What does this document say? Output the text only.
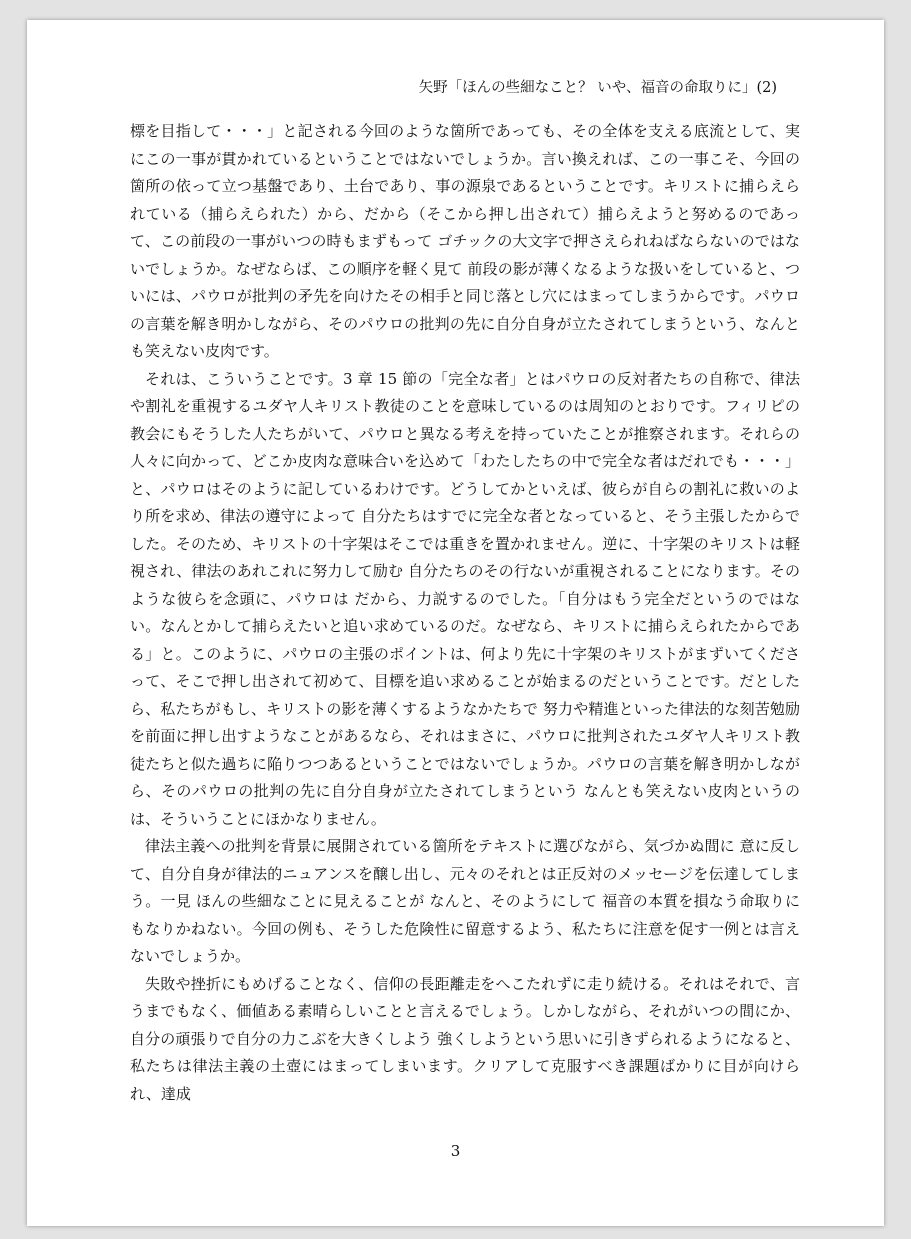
矢野「ほんの些細なこと？ いや、福音の命取りに」(2)

標を目指して・・・」と記される今回のような箇所であっても、その全体を支える底流として、実にこの一事が貫かれているということではないでしょうか。言い換えれば、この一事こそ、今回の箇所の依って立つ基盤であり、土台であり、事の源泉であるということです。キリストに捕らえられている（捕らえられた）から、だから（そこから押し出されて）捕らえようと努めるのであって、この前段の一事がいつの時もまずもって ゴチックの大文字で押さえられねばならないのではないでしょうか。なぜならば、この順序を軽く見て 前段の影が薄くなるような扱いをしていると、ついには、パウロが批判の矛先を向けたその相手と同じ落とし穴にはまってしまうからです。パウロの言葉を解き明かしながら、そのパウロの批判の先に自分自身が立たされてしまうという、なんとも笑えない皮肉です。

それは、こういうことです。3 章 15 節の「完全な者」とはパウロの反対者たちの自称で、律法や割礼を重視するユダヤ人キリスト教徒のことを意味しているのは周知のとおりです。フィリピの教会にもそうした人たちがいて、パウロと異なる考えを持っていたことが推察されます。それらの人々に向かって、どこか皮肉な意味合いを込めて「わたしたちの中で完全な者はだれでも・・・」と、パウロはそのように記しているわけです。どうしてかといえば、彼らが自らの割礼に救いのより所を求め、律法の遵守によって 自分たちはすでに完全な者となっていると、そう主張したからでした。そのため、キリストの十字架はそこでは重きを置かれません。逆に、十字架のキリストは軽視され、律法のあれこれに努力して励む 自分たちのその行ないが重視されることになります。そのような彼らを念頭に、パウロは だから、力説するのでした。「自分はもう完全だというのではない。なんとかして捕らえたいと追い求めているのだ。なぜなら、キリストに捕らえられたからである」と。このように、パウロの主張のポイントは、何より先に十字架のキリストがまずいてくださって、そこで押し出されて初めて、目標を追い求めることが始まるのだということです。だとしたら、私たちがもし、キリストの影を薄くするようなかたちで 努力や精進といった律法的な刻苦勉励を前面に押し出すようなことがあるなら、それはまさに、パウロに批判されたユダヤ人キリスト教徒たちと似た過ちに陥りつつあるということではないでしょうか。パウロの言葉を解き明かしながら、そのパウロの批判の先に自分自身が立たされてしまうという なんとも笑えない皮肉というのは、そういうことにほかなりません。

律法主義への批判を背景に展開されている箇所をテキストに選びながら、気づかぬ間に 意に反して、自分自身が律法的ニュアンスを醸し出し、元々のそれとは正反対のメッセージを伝達してしまう。一見 ほんの些細なことに見えることが なんと、そのようにして 福音の本質を損なう命取りにもなりかねない。今回の例も、そうした危険性に留意するよう、私たちに注意を促す一例とは言えないでしょうか。

失敗や挫折にもめげることなく、信仰の長距離走をへこたれずに走り続ける。それはそれで、言うまでもなく、価値ある素晴らしいことと言えるでしょう。しかしながら、それがいつの間にか、自分の頑張りで自分の力こぶを大きくしよう 強くしようという思いに引きずられるようになると、私たちは律法主義の土壺にはまってしまいます。クリアして克服すべき課題ばかりに目が向けられ、達成

3
